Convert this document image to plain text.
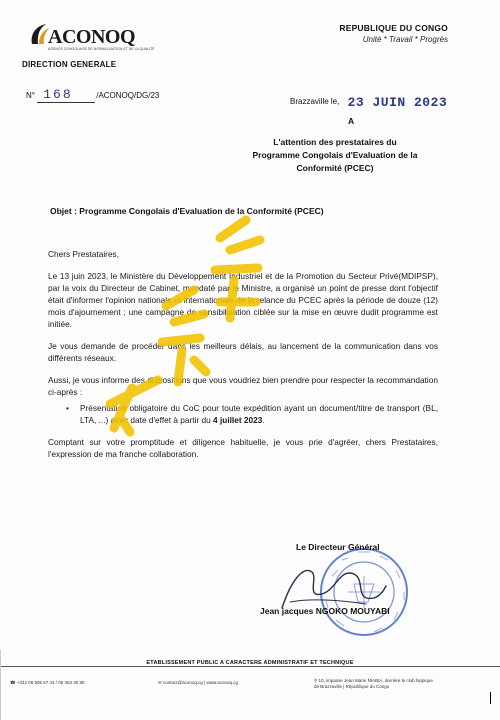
ACONOQ
AGENCE CONGOLAISE DE NORMALISATION ET DE LA QUALITÉ
DIRECTION GENERALE
REPUBLIQUE DU CONGO
Unité * Travail * Progrès
N° 168	/ACONOQ/DG/23
Brazzaville le, 23 JUIN 2023
A
L'attention des prestataires du
Programme Congolais d'Evaluation de la
Conformité (PCEC)
Objet : Programme Congolais d'Evaluation de la Conformité (PCEC)

Chers Prestataires,

Le 13 juin 2023, le Ministère du Développement Industriel et de la Promotion du Secteur Privé(MDIPSP), par la voix du Directeur de Cabinet, mandaté par le Ministre, a organisé un point de presse dont l'objectif était d'informer l'opinion nationale et internationale de la relance du PCEC après la période de douze (12) mois d'ajournement ; une campagne de sensibilisation ciblée sur la mise en œuvre dudit programme est initiée.

Je vous demande de procéder dans les meilleurs délais, au lancement de la communication dans vos différents réseaux.

Aussi, je vous informe des dispositions que vous voudriez bien prendre pour respecter la recommandation ci-après :

• Présentation obligatoire du CoC pour toute expédition ayant un document/titre de transport (BL, LTA, ...) avec date d'effet à partir du 4 juillet 2023.

Comptant sur votre promptitude et diligence habituelle, je vous prie d'agréer, chers Prestataires, l'expression de ma franche collaboration.

Le Directeur Général
Jean jacques NGOKO MOUYABI
ETABLISSEMENT PUBLIC A CARACTERE ADMINISTRATIF ET TECHNIQUE
☎ +242 06 906 57 43 / 05 353 30 85	✉ contact@aconoq.cg | www.aconoq.cg	⚲ 10, impasse Jean Marie NIABIA, derrière le club hippique
de Brazzaville | République du Congo
